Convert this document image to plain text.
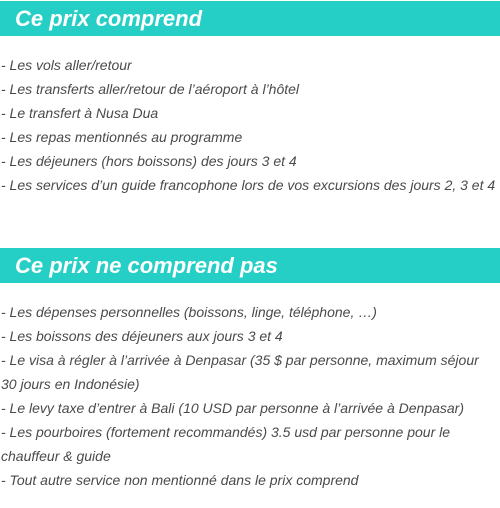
Ce prix comprend
- Les vols aller/retour
- Les transferts aller/retour de l’aéroport à l’hôtel
- Le transfert à Nusa Dua
- Les repas mentionnés au programme
- Les déjeuners (hors boissons) des jours 3 et 4
- Les services d’un guide francophone lors de vos excursions des jours 2, 3 et 4
Ce prix ne comprend pas
- Les dépenses personnelles (boissons, linge, téléphone, …)
- Les boissons des déjeuners aux jours 3 et 4
- Le visa à régler à l’arrivée à Denpasar (35 $ par personne, maximum séjour 30 jours en Indonésie)
- Le levy taxe d’entrer à Bali (10 USD par personne à l’arrivée à Denpasar)
- Les pourboires (fortement recommandés) 3.5 usd par personne pour le chauffeur & guide
- Tout autre service non mentionné dans le prix comprend
